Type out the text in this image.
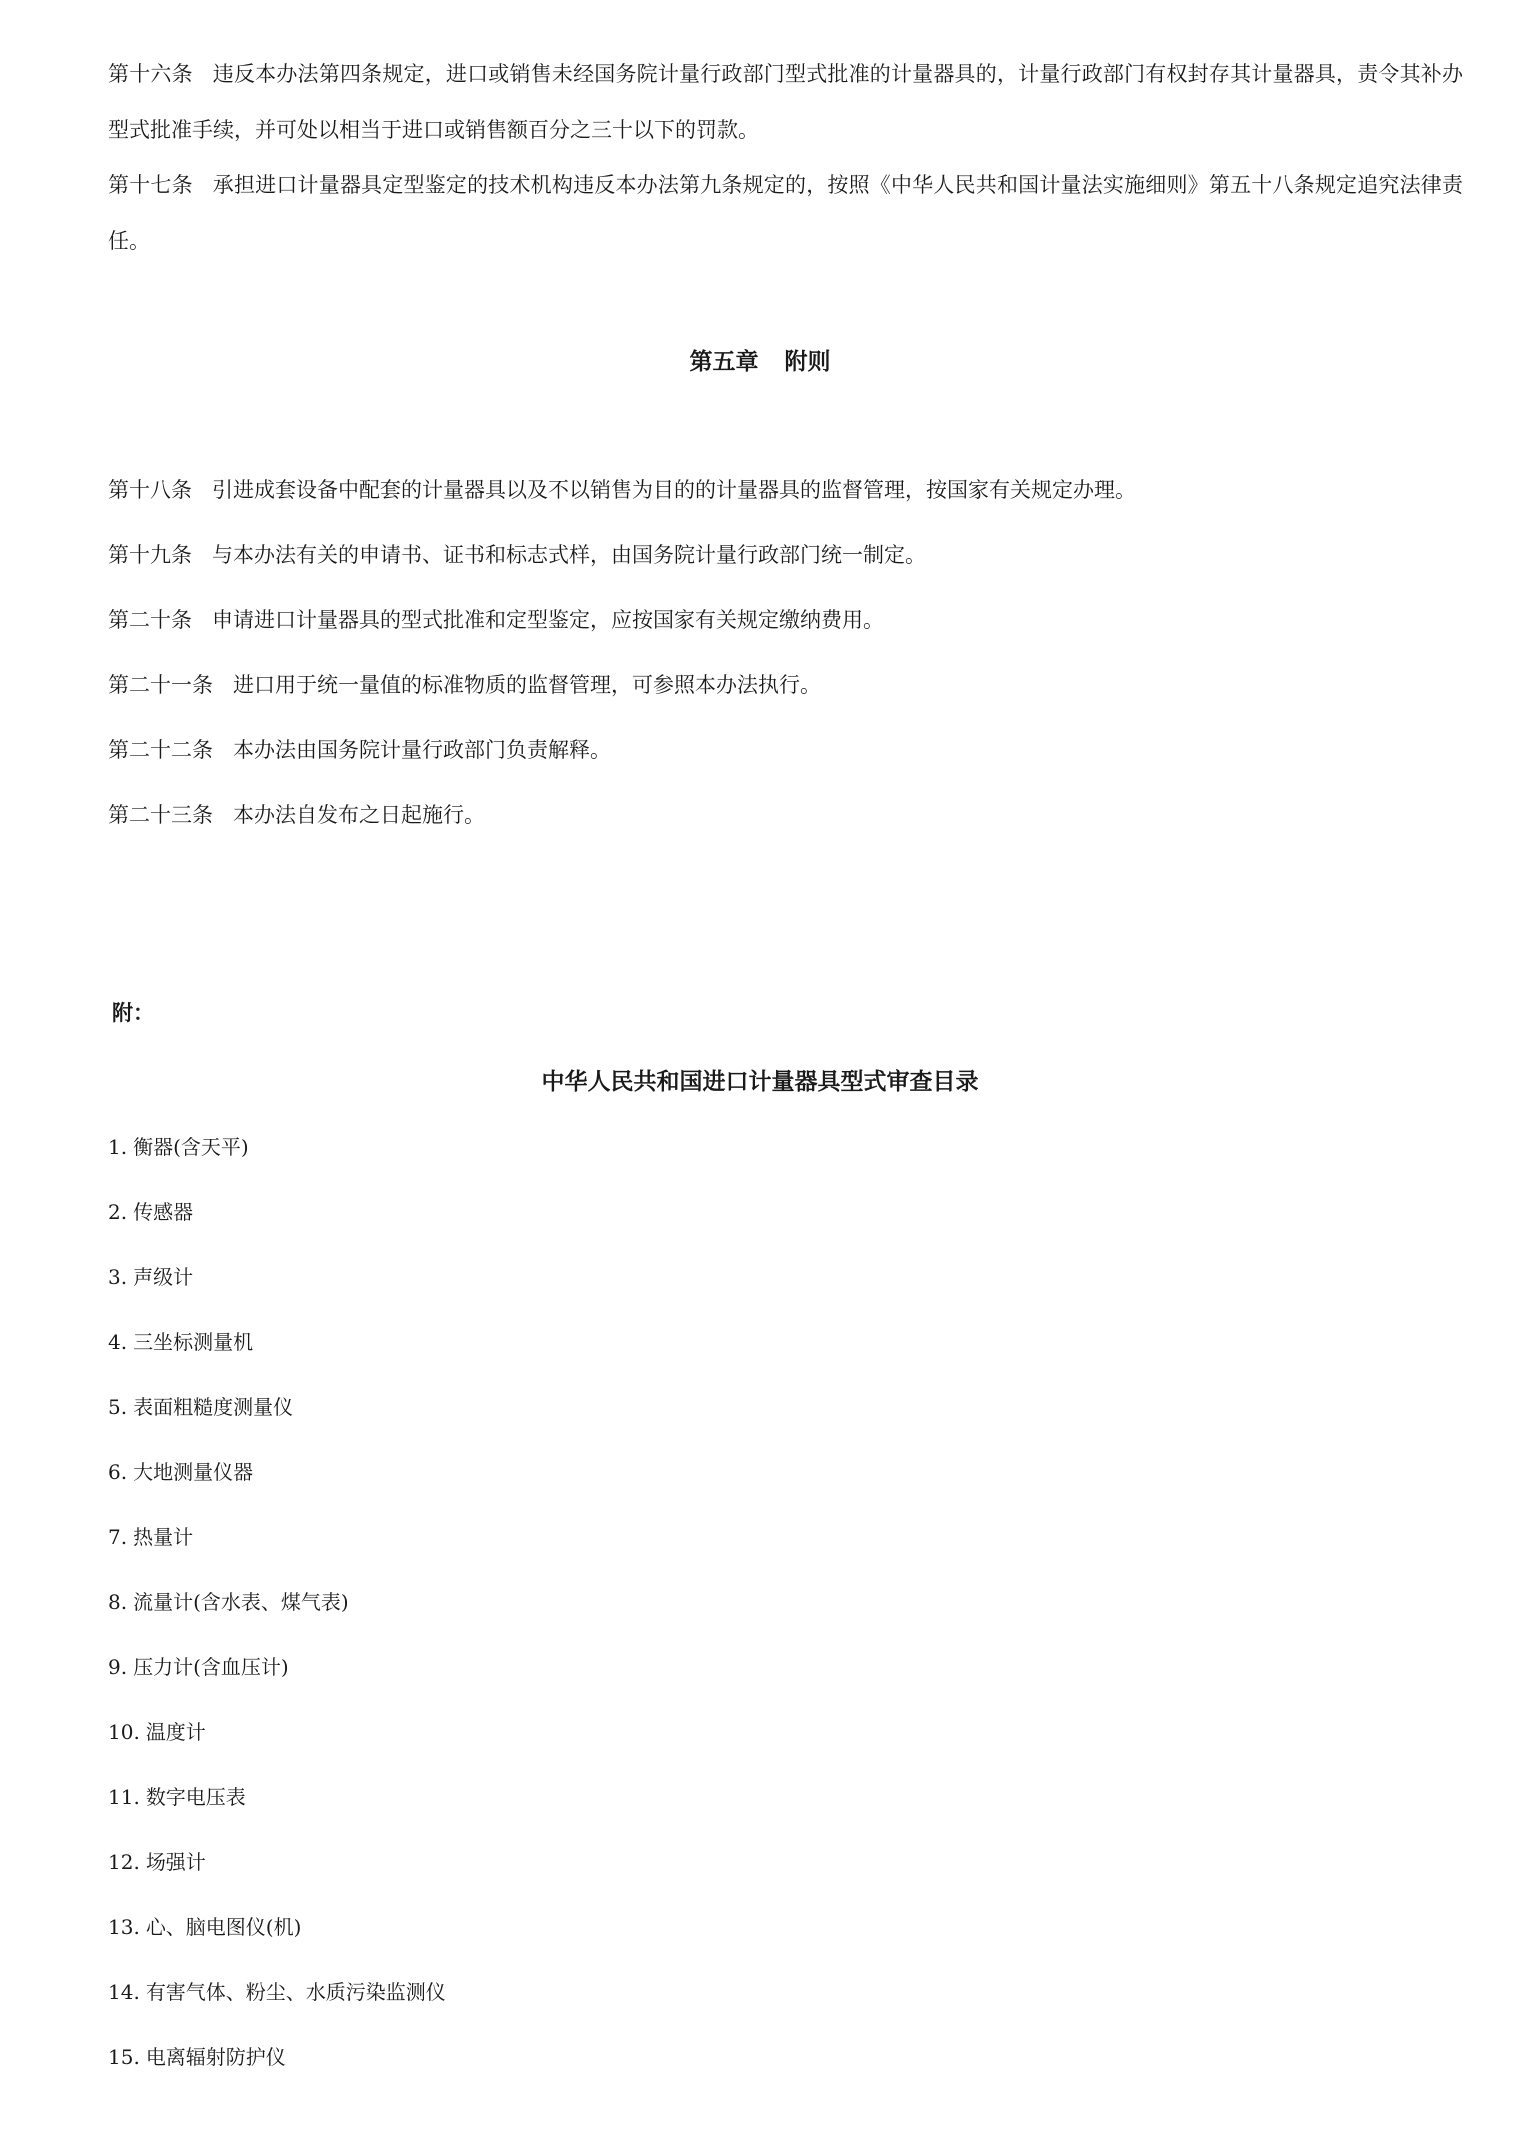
第十六条 违反本办法第四条规定，进口或销售未经国务院计量行政部门型式批准的计量器具的，计量行政部门有权封存其计量器具，责令其补办型式批准手续，并可处以相当于进口或销售额百分之三十以下的罚款。
第十七条 承担进口计量器具定型鉴定的技术机构违反本办法第九条规定的，按照《中华人民共和国计量法实施细则》第五十八条规定追究法律责任。
第五章 附则
第十八条 引进成套设备中配套的计量器具以及不以销售为目的的计量器具的监督管理，按国家有关规定办理。
第十九条 与本办法有关的申请书、证书和标志式样，由国务院计量行政部门统一制定。
第二十条 申请进口计量器具的型式批准和定型鉴定，应按国家有关规定缴纳费用。
第二十一条 进口用于统一量值的标准物质的监督管理，可参照本办法执行。
第二十二条 本办法由国务院计量行政部门负责解释。
第二十三条 本办法自发布之日起施行。
附：
中华人民共和国进口计量器具型式审查目录
1. 衡器(含天平)
2. 传感器
3. 声级计
4. 三坐标测量机
5. 表面粗糙度测量仪
6. 大地测量仪器
7. 热量计
8. 流量计(含水表、煤气表)
9. 压力计(含血压计)
10. 温度计
11. 数字电压表
12. 场强计
13. 心、脑电图仪(机)
14. 有害气体、粉尘、水质污染监测仪
15. 电离辐射防护仪
